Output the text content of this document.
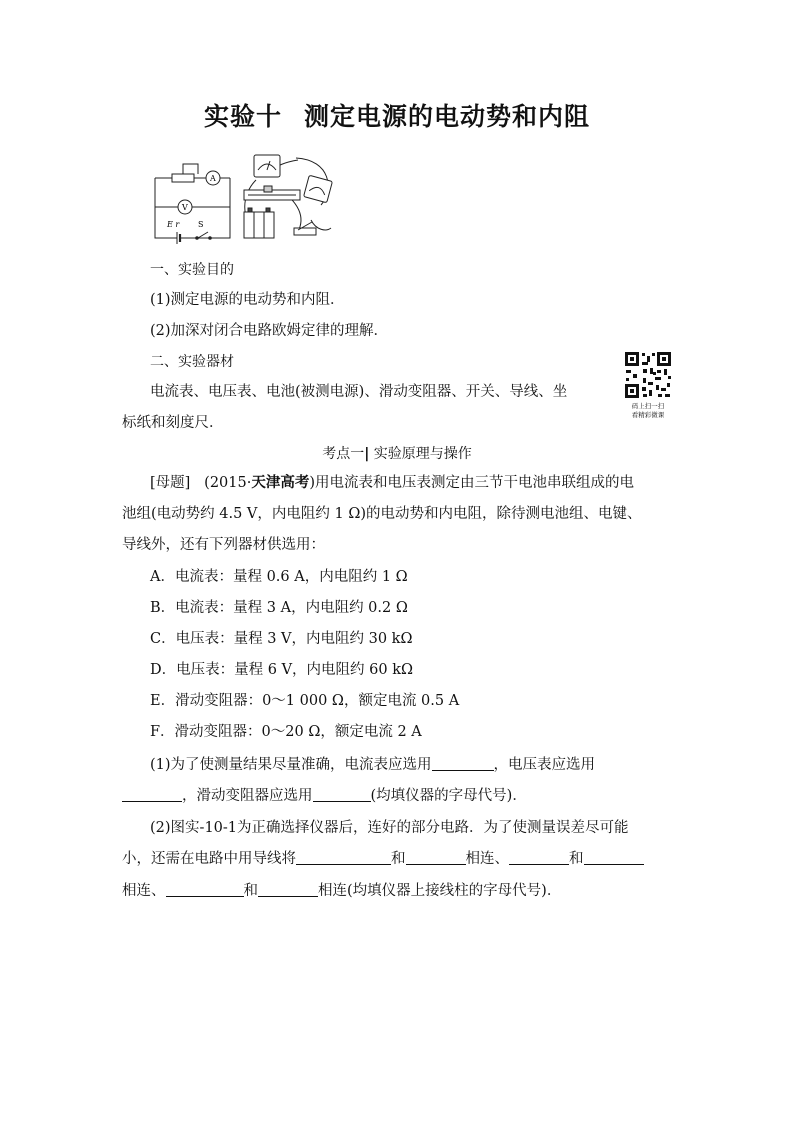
实验十 测定电源的电动势和内阻
A
V
E r S
一、实验目的
(1)测定电源的电动势和内阻．
(2)加深对闭合电路欧姆定律的理解．
二、实验器材
电流表、电压表、电池(被测电源)、滑动变阻器、开关、导线、坐
标纸和刻度尺．
码上扫一扫
看精彩微课
考点一| 实验原理与操作
[母题] (2015·天津高考)用电流表和电压表测定由三节干电池串联组成的电
池组(电动势约 4.5 V，内电阻约 1 Ω)的电动势和内电阻，除待测电池组、电键、
导线外，还有下列器材供选用：
A．电流表：量程 0.6 A，内电阻约 1 Ω
B．电流表：量程 3 A，内电阻约 0.2 Ω
C．电压表：量程 3 V，内电阻约 30 kΩ
D．电压表：量程 6 V，内电阻约 60 kΩ
E．滑动变阻器：0～1 000 Ω，额定电流 0.5 A
F．滑动变阻器：0～20 Ω，额定电流 2 A
(1)为了使测量结果尽量准确，电流表应选用	，电压表应选用
，滑动变阻器应选用	(均填仪器的字母代号)．
(2)图实-10-1为正确选择仪器后，连好的部分电路．为了使测量误差尽可能
小，还需在电路中用导线将	和	相连、	和
相连、	和	相连(均填仪器上接线柱的字母代号)．
